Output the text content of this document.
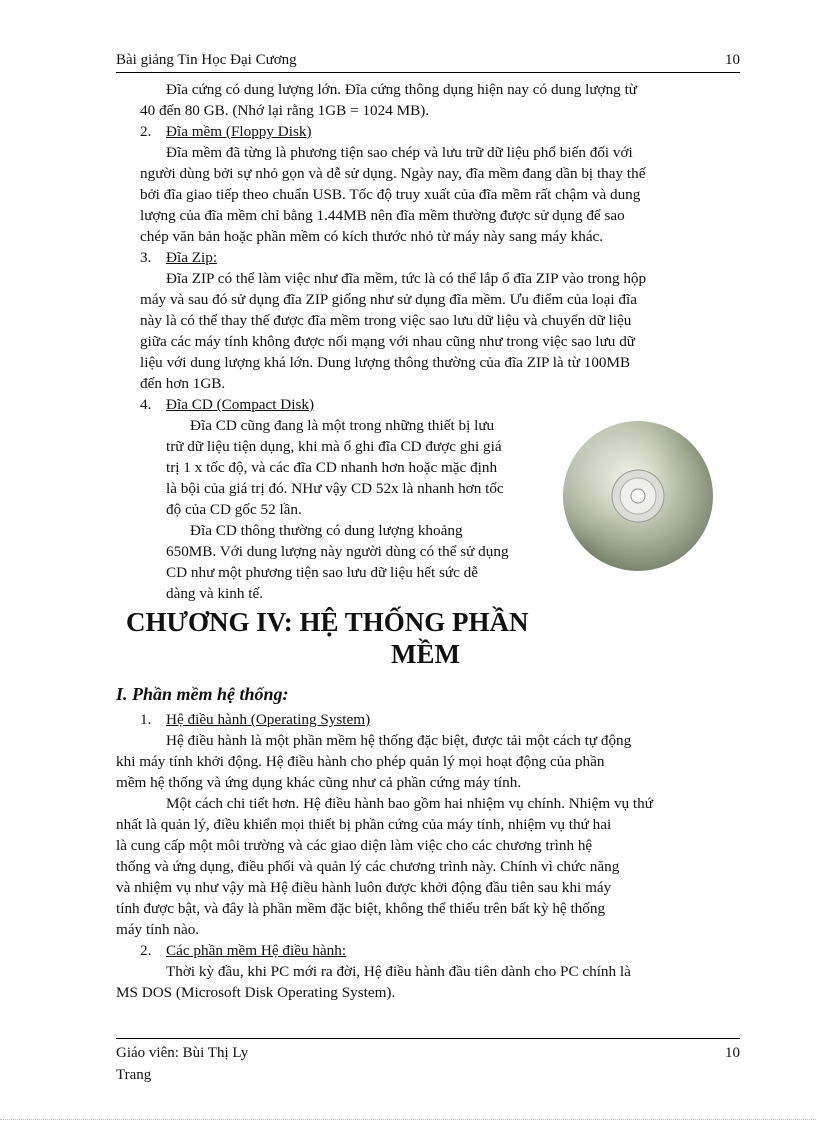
Bài giảng Tin Học Đại Cương	10
Đĩa cứng có dung lượng lớn. Đĩa cứng thông dụng hiện nay có dung lượng từ
40 đến 80 GB. (Nhớ lại rằng 1GB = 1024 MB).
2. Đĩa mềm (Floppy Disk)
Đĩa mềm đã từng là phương tiện sao chép và lưu trữ dữ liệu phổ biến đối với
người dùng bởi sự nhỏ gọn và dễ sử dụng. Ngày nay, đĩa mềm đang dần bị thay thế
bởi đĩa giao tiếp theo chuẩn USB. Tốc độ truy xuất của đĩa mềm rất chậm và dung
lượng của đĩa mềm chỉ bằng 1.44MB nên đĩa mềm thường được sử dụng để sao
chép văn bản hoặc phần mềm có kích thước nhỏ từ máy này sang máy khác.
3. Đĩa Zip:
Đĩa ZIP có thể làm việc như đĩa mềm, tức là có thể lắp ổ đĩa ZIP vào trong hộp
máy và sau đó sử dụng đĩa ZIP giống như sử dụng đĩa mềm. Ưu điểm của loại đĩa
này là có thể thay thế được đĩa mềm trong việc sao lưu dữ liệu và chuyển dữ liệu
giữa các máy tính không được nối mạng với nhau cũng như trong việc sao lưu dữ
liệu với dung lượng khá lớn. Dung lượng thông thường của đĩa ZIP là từ 100MB
đến hơn 1GB.
4. Đĩa CD (Compact Disk)
Đĩa CD cũng đang là một trong những thiết bị lưu
trữ dữ liệu tiện dụng, khi mà ổ ghi đĩa CD được ghi giá
trị 1 x tốc độ, và các đĩa CD nhanh hơn hoặc mặc định
là bội của giá trị đó. NHư vậy CD 52x là nhanh hơn tốc
độ của CD gốc 52 lần.
Đĩa CD thông thường có dung lượng khoảng
650MB. Với dung lượng này người dùng có thể sử dụng
CD như một phương tiện sao lưu dữ liệu hết sức dễ
dàng và kinh tế.
CHƯƠNG IV: HỆ THỐNG PHẦN
MỀM
I. Phần mềm hệ thống:
1. Hệ điều hành (Operating System)
Hệ điều hành là một phần mềm hệ thống đặc biệt, được tải một cách tự động
khi máy tính khởi động. Hệ điều hành cho phép quản lý mọi hoạt động của phần
mềm hệ thống và ứng dụng khác cũng như cả phần cứng máy tính.
Một cách chi tiết hơn. Hệ điều hành bao gồm hai nhiệm vụ chính. Nhiệm vụ thứ
nhất là quản lý, điều khiển mọi thiết bị phần cứng của máy tính, nhiệm vụ thứ hai
là cung cấp một môi trường và các giao diện làm việc cho các chương trình hệ
thống và ứng dụng, điều phối và quản lý các chương trình này. Chính vì chức năng
và nhiệm vụ như vậy mà Hệ điều hành luôn được khởi động đầu tiên sau khi máy
tính được bật, và đây là phần mềm đặc biệt, không thể thiếu trên bất kỳ hệ thống
máy tính nào.
2. Các phần mềm Hệ điều hành:
Thời kỳ đầu, khi PC mới ra đời, Hệ điều hành đầu tiên dành cho PC chính là
MS DOS (Microsoft Disk Operating System).
Giáo viên: Bùi Thị Ly	10
Trang
